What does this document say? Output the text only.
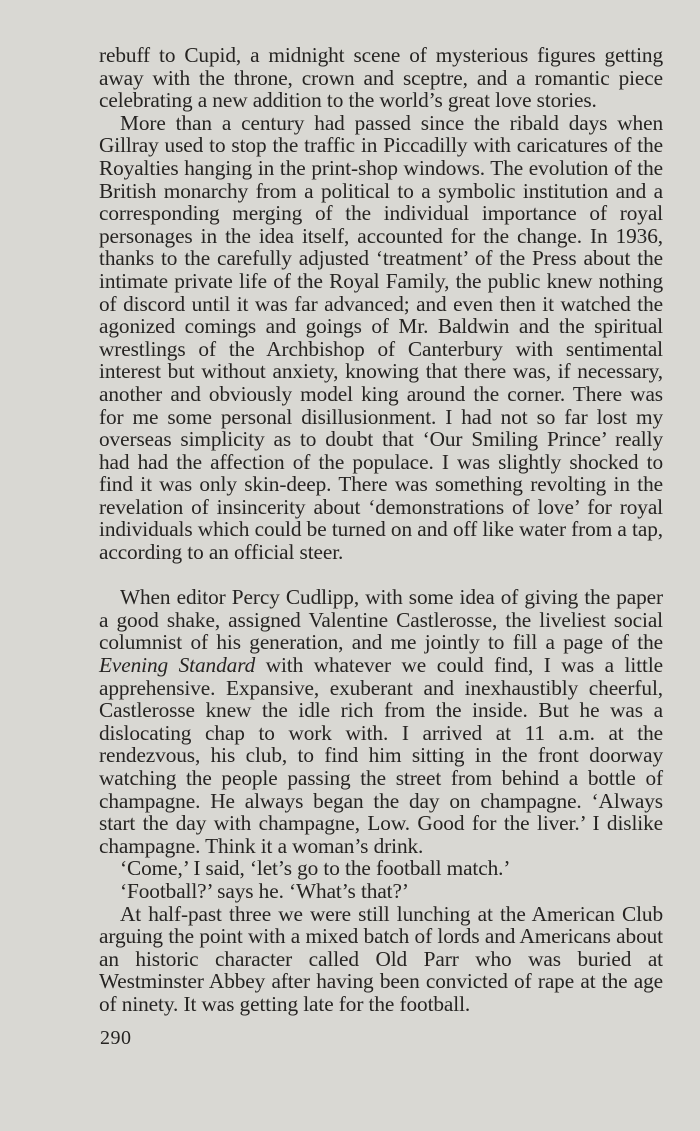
rebuff to Cupid, a midnight scene of mysterious figures getting away with the throne, crown and sceptre, and a romantic piece celebrating a new addition to the world’s great love stories.

More than a century had passed since the ribald days when Gillray used to stop the traffic in Piccadilly with caricatures of the Royalties hanging in the print-shop windows. The evolution of the British monarchy from a political to a symbolic institution and a corresponding merging of the individual importance of royal personages in the idea itself, accounted for the change. In 1936, thanks to the carefully adjusted ‘treatment’ of the Press about the intimate private life of the Royal Family, the public knew nothing of discord until it was far advanced; and even then it watched the agonized comings and goings of Mr. Baldwin and the spiritual wrestlings of the Archbishop of Canterbury with sentimental interest but without anxiety, knowing that there was, if necessary, another and obviously model king around the corner. There was for me some personal disillusionment. I had not so far lost my overseas simplicity as to doubt that ‘Our Smiling Prince’ really had had the affection of the populace. I was slightly shocked to find it was only skin-deep. There was something revolting in the revelation of insincerity about ‘demonstrations of love’ for royal individuals which could be turned on and off like water from a tap, according to an official steer.

When editor Percy Cudlipp, with some idea of giving the paper a good shake, assigned Valentine Castlerosse, the liveliest social columnist of his generation, and me jointly to fill a page of the Evening Standard with whatever we could find, I was a little apprehensive. Expansive, exuberant and inexhaustibly cheerful, Castlerosse knew the idle rich from the inside. But he was a dislocating chap to work with. I arrived at 11 a.m. at the rendezvous, his club, to find him sitting in the front doorway watching the people passing the street from behind a bottle of champagne. He always began the day on champagne. ‘Always start the day with champagne, Low. Good for the liver.’ I dislike champagne. Think it a woman’s drink.

‘Come,’ I said, ‘let’s go to the football match.’

‘Football?’ says he. ‘What’s that?’

At half-past three we were still lunching at the American Club arguing the point with a mixed batch of lords and Americans about an historic character called Old Parr who was buried at Westminster Abbey after having been convicted of rape at the age of ninety. It was getting late for the football.

290
